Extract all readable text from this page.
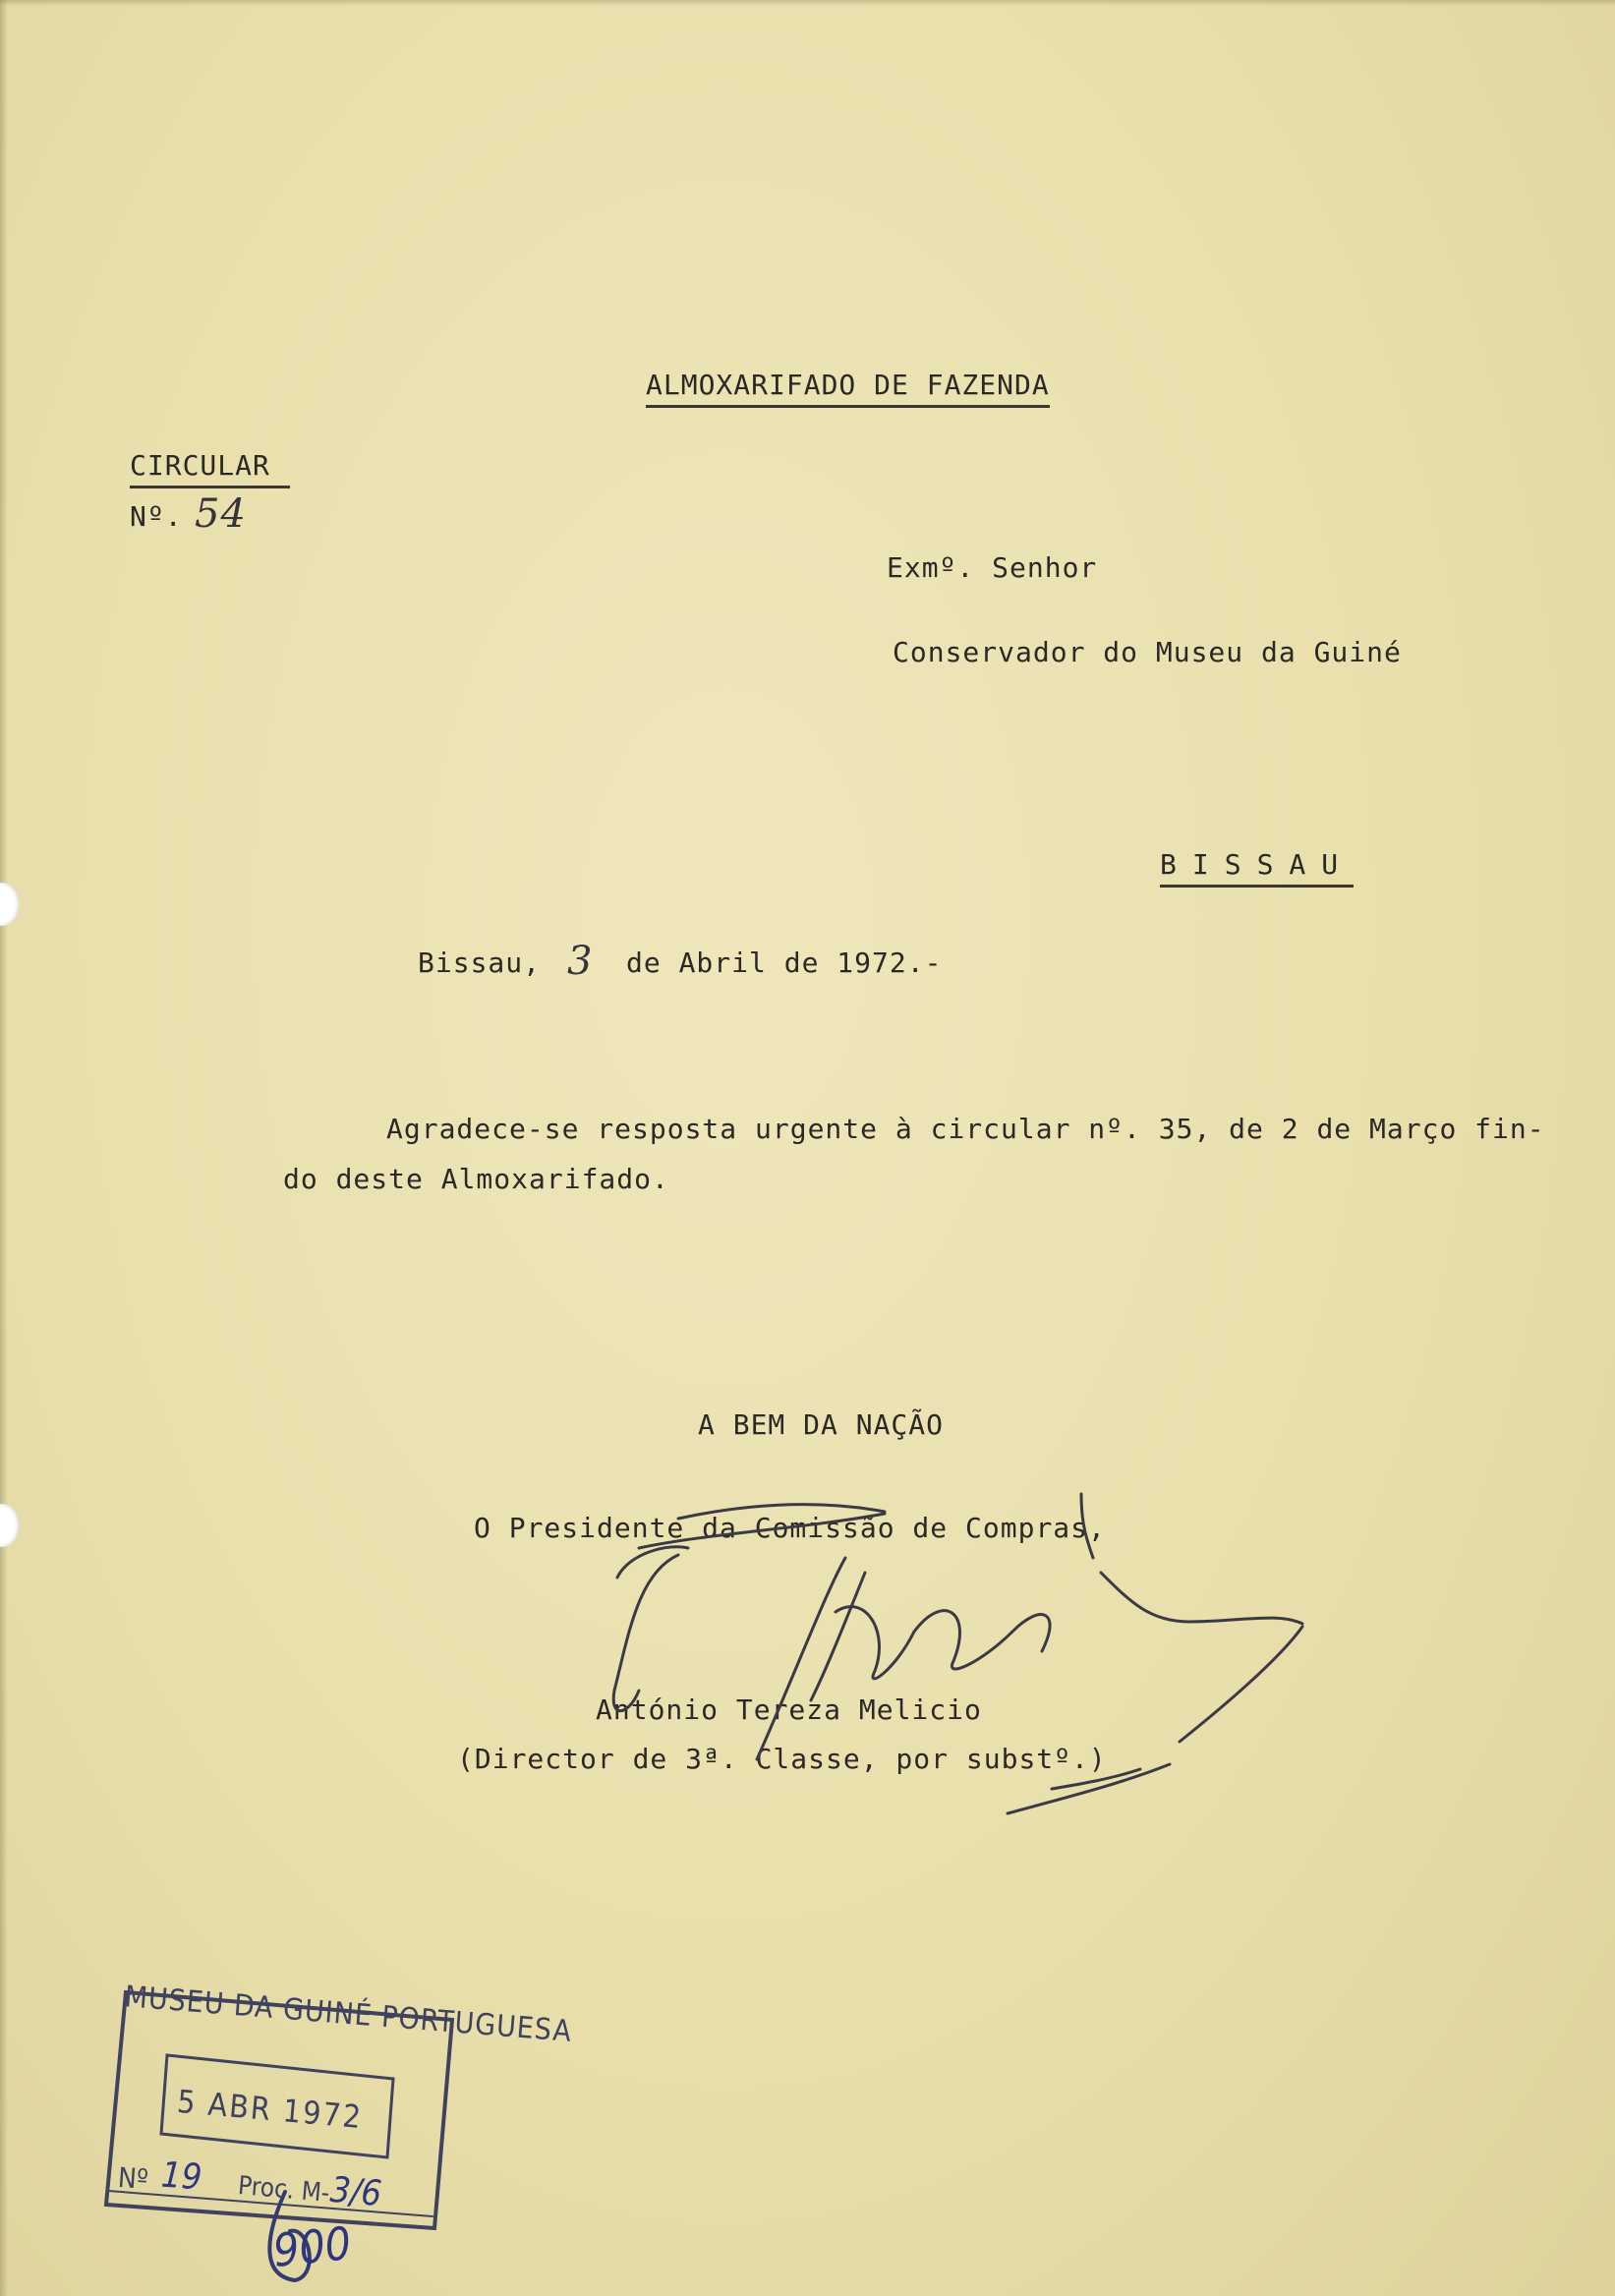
ALMOXARIFADO DE FAZENDA
CIRCULAR
Nº. 54
Exmº. Senhor
Conservador do Museu da Guiné
BISSAU
Bissau, 3 de Abril de 1972.-
Agradece-se resposta urgente à circular nº. 35, de 2 de Março fin-
do deste Almoxarifado.
A BEM DA NAÇÃO
O Presidente da Comissão de Compras,
António Tereza Melicio
(Director de 3ª. Classe, por substº.)
MUSEU DA GUINÉ PORTUGUESA
5 ABR 1972
Nº 19 Proc. M-
3/6
900
